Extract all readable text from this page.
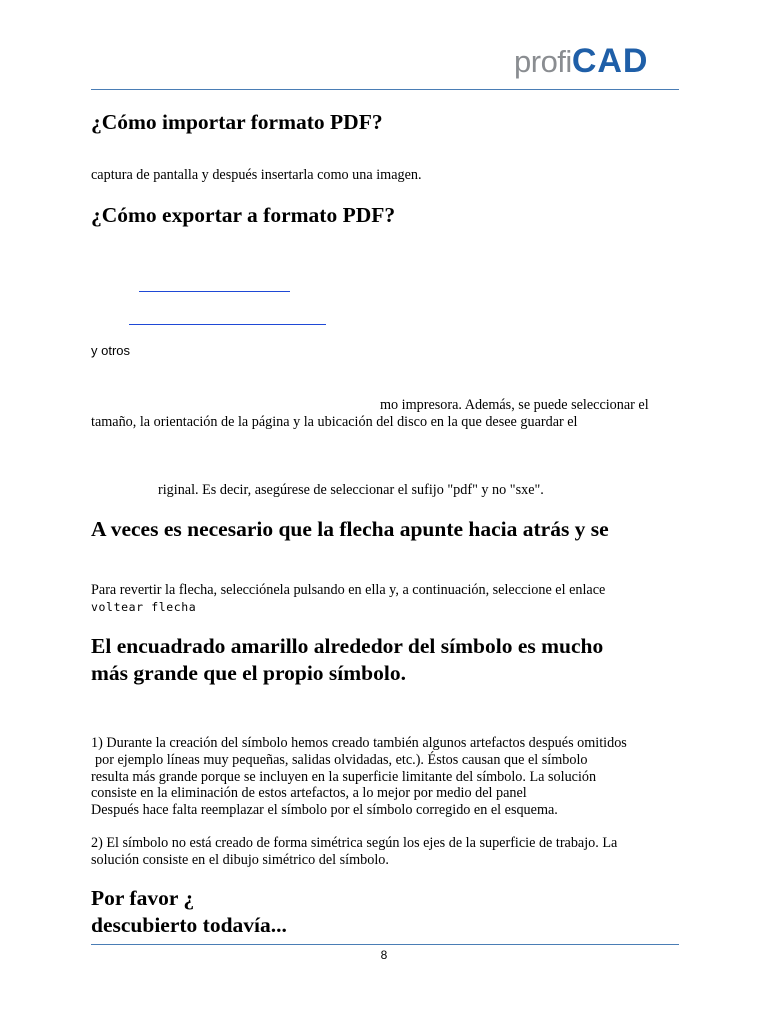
profiCAD
¿Cómo importar formato PDF?
captura de pantalla y después insertarla como una imagen.
¿Cómo exportar a formato PDF?
y otros
mo impresora. Además, se puede seleccionar el
tamaño, la orientación de la página y la ubicación del disco en la que desee guardar el
riginal. Es decir, asegúrese de seleccionar el sufijo "pdf" y no "sxe".
A veces es necesario que la flecha apunte hacia atrás y se
Para revertir la flecha, selecciónela pulsando en ella y, a continuación, seleccione el enlace
voltear flecha
El encuadrado amarillo alrededor del símbolo es mucho
más grande que el propio símbolo.
1) Durante la creación del símbolo hemos creado también algunos artefactos después omitidos
por ejemplo líneas muy pequeñas, salidas olvidadas, etc.). Éstos causan que el símbolo
resulta más grande porque se incluyen en la superficie limitante del símbolo. La solución
consiste en la eliminación de estos artefactos, a lo mejor por medio del panel
Después hace falta reemplazar el símbolo por el símbolo corregido en el esquema.
2) El símbolo no está creado de forma simétrica según los ejes de la superficie de trabajo. La
solución consiste en el dibujo simétrico del símbolo.
Por favor ¿
descubierto todavía...
8
